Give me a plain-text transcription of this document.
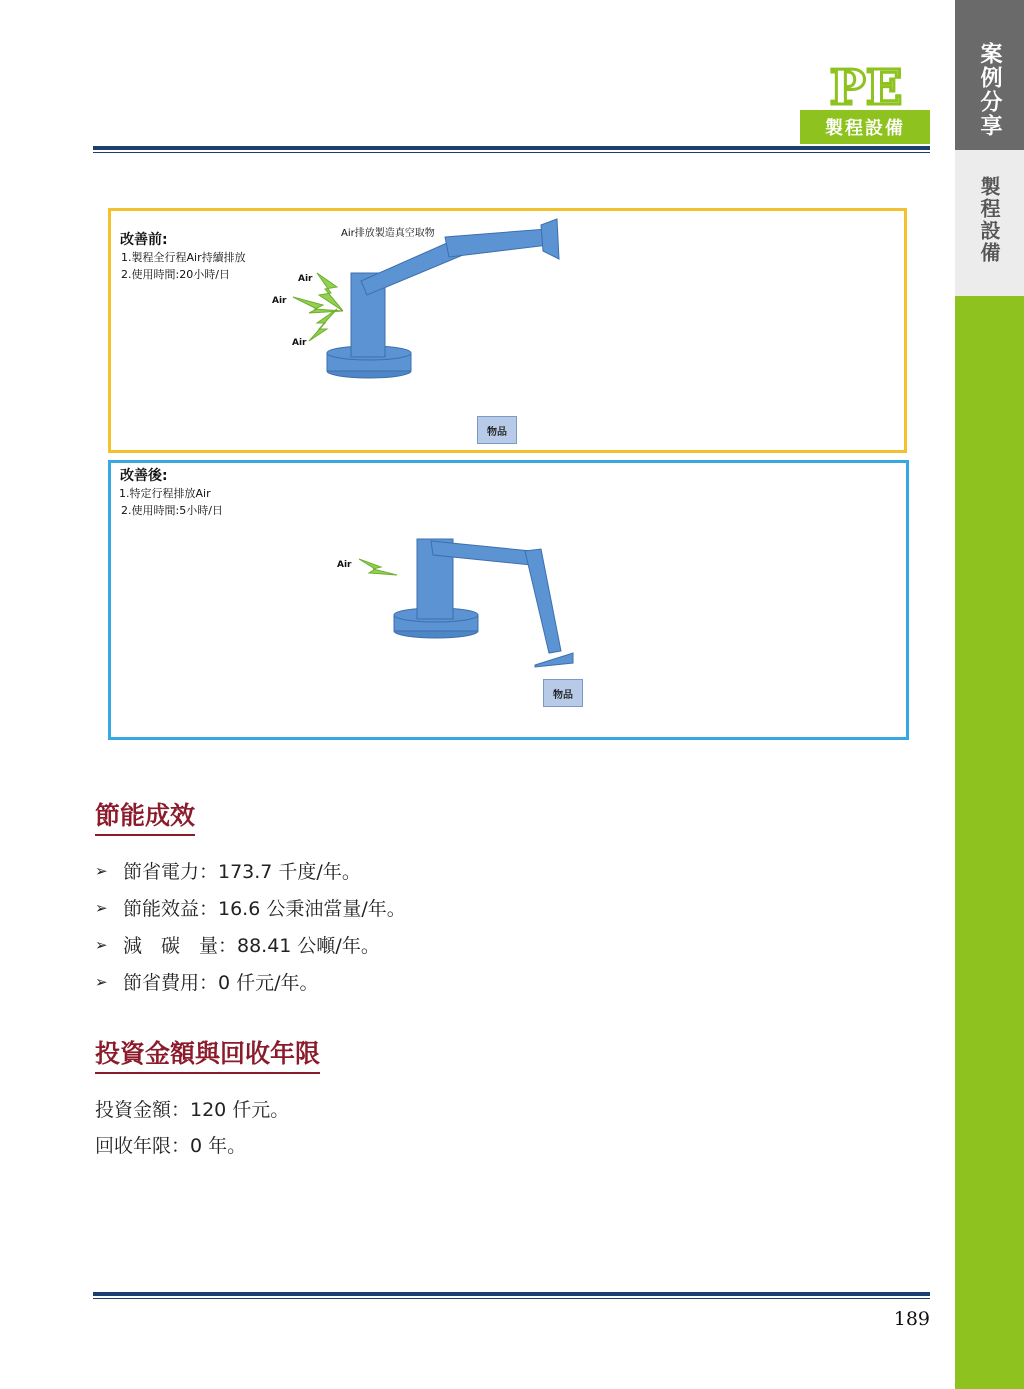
案例分享
製程設備
PE
製程設備
改善前:
1.製程全行程Air持續排放
2.使用時間:20小時/日
Air排放製造真空取物
Air
Air
Air
物品
改善後:
1.特定行程排放Air
2.使用時間:5小時/日
Air
物品
節能成效
➢ 節省電力：173.7 千度/年。
➢ 節能效益：16.6 公秉油當量/年。
➢ 減　碳　量：88.41 公噸/年。
➢ 節省費用：0 仟元/年。
投資金額與回收年限
投資金額：120 仟元。
回收年限：0 年。
189
